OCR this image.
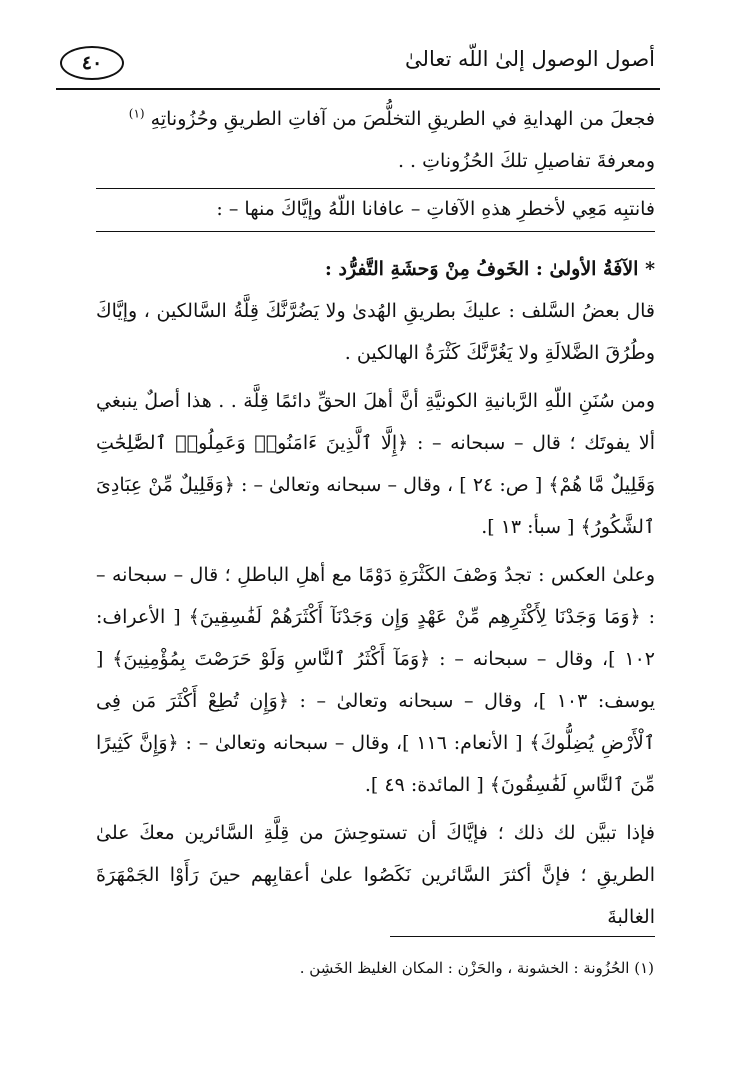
أصول الوصول إلىٰ اللّه تعالىٰ
٤٠

فجعلَ من الهدايةِ في الطريقِ التخلُّصَ من آفاتِ الطريقِ وحُزُوناتِهِ $^{(١)}$

ومعرفةَ تفاصيلِ تلكَ الحُزُوناتِ . .

فانتبِه مَعِي لأخطرِ هذهِ الآفاتِ – عافانا اللّهُ وإيَّاكَ منها – :

* الآفَةُ الأولىٰ : الخَوفُ مِنْ وَحشَةِ التَّفرُّد :

قال بعضُ السَّلف : عليكَ بطريقِ الهُدىٰ ولا يَضُرَّنَّكَ قِلَّةُ السَّالكين ، وإيَّاكَ وطُرُقَ الضَّلالَةِ ولا يَغُرَّنَّكَ كَثْرَةُ الهالكين .

ومن سُنَنِ اللّهِ الرَّبانيةِ الكونيَّةِ أنَّ أهلَ الحقِّ دائمًا قِلَّة . . هذا أصلٌ ينبغي ألا يفوتَك ؛ قال – سبحانه – : ﴿إِلَّا ٱلَّذِينَ ءَامَنُوا۟ وَعَمِلُوا۟ ٱلصَّٰلِحَٰتِ وَقَلِيلٌ مَّا هُمْ﴾ [ ص: ٢٤ ] ، وقال – سبحانه وتعالىٰ – : ﴿وَقَلِيلٌ مِّنْ عِبَادِىَ ٱلشَّكُورُ﴾ [ سبأ: ١٣ ].

وعلىٰ العكس : تجدُ وَصْفَ الكَثْرَةِ دَوْمًا مع أهلِ الباطلِ ؛ قال – سبحانه – : ﴿وَمَا وَجَدْنَا لِأَكْثَرِهِم مِّنْ عَهْدٍ وَإِن وَجَدْنَآ أَكْثَرَهُمْ لَفَٰسِقِينَ﴾ [ الأعراف: ١٠٢ ]، وقال – سبحانه – : ﴿وَمَآ أَكْثَرُ ٱلنَّاسِ وَلَوْ حَرَصْتَ بِمُؤْمِنِينَ﴾ [ يوسف: ١٠٣ ]، وقال – سبحانه وتعالىٰ – : ﴿وَإِن تُطِعْ أَكْثَرَ مَن فِى ٱلْأَرْضِ يُضِلُّوكَ﴾ [ الأنعام: ١١٦ ]، وقال – سبحانه وتعالىٰ – : ﴿وَإِنَّ كَثِيرًا مِّنَ ٱلنَّاسِ لَفَٰسِقُونَ﴾ [ المائدة: ٤٩ ].

فإذا تبيَّن لك ذلك ؛ فإيَّاكَ أن تستوحِشَ من قِلَّةِ السَّائرين معكَ علىٰ الطريقِ ؛ فإنَّ أكثرَ السَّائرين نَكَصُوا علىٰ أعقابِهم حينَ رَأَوْا الجَمْهَرَةَ الغالبةَ

(١) الحُزُونة : الخشونة ، والحَزْن : المكان الغليظ الخَشِن .
